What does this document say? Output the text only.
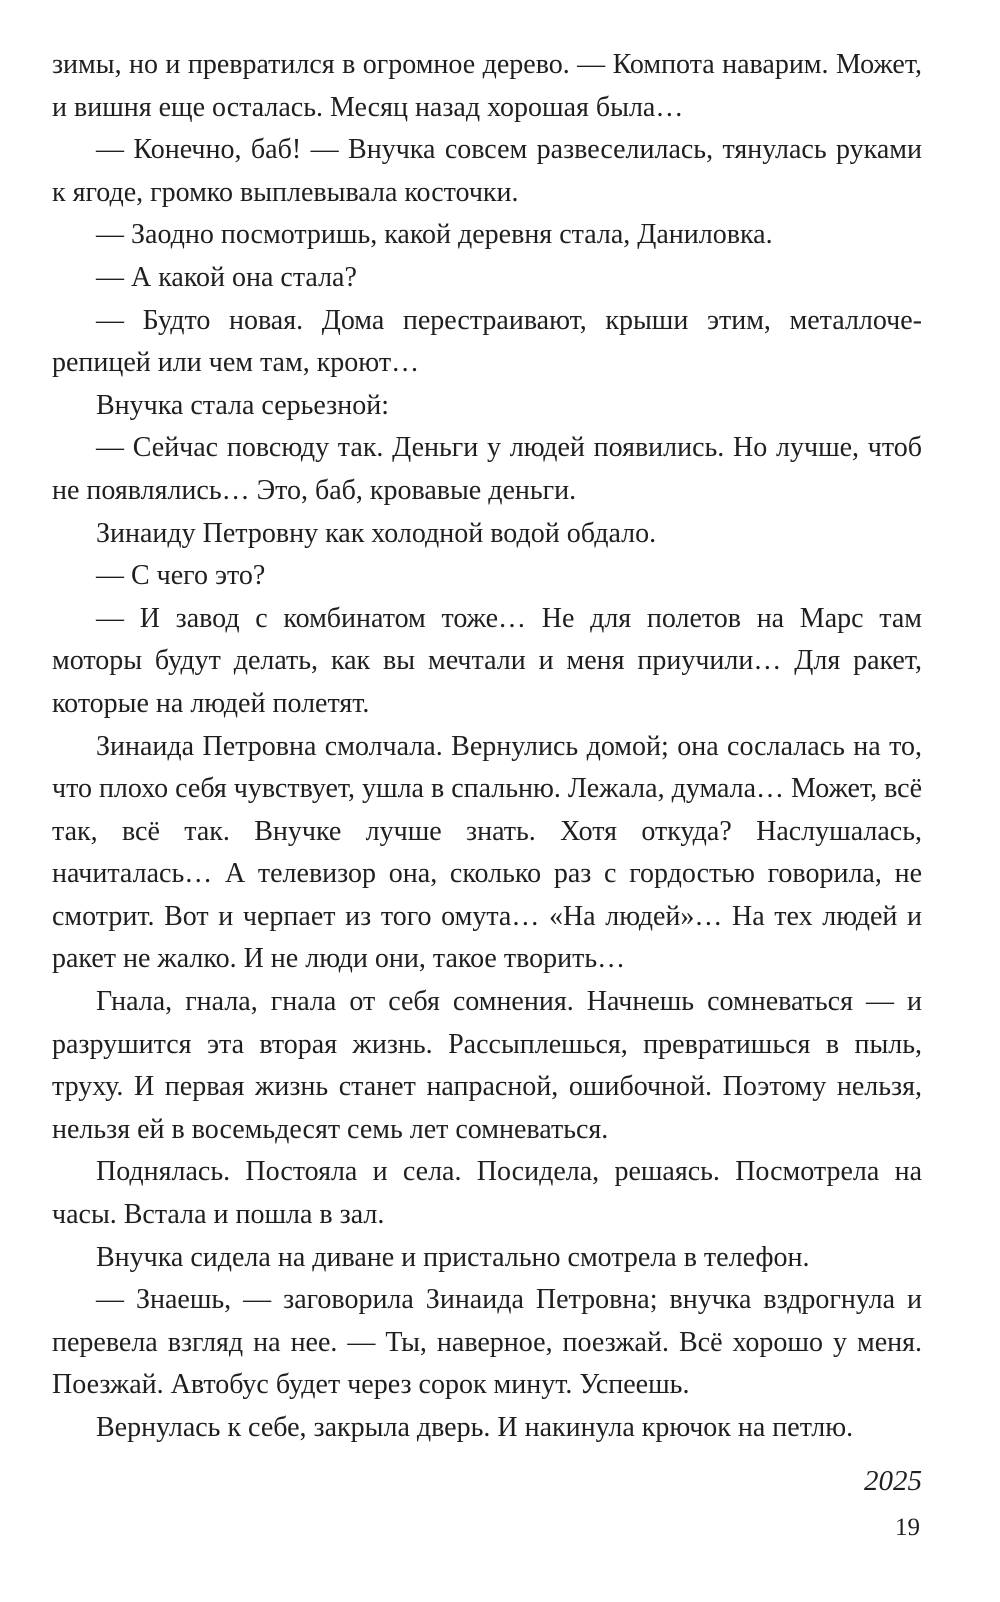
зимы, но и превратился в огромное дерево. — Компота наварим. Может, и вишня еще осталась. Месяц назад хорошая была…

— Конечно, баб! — Внучка совсем развеселилась, тянулась руками к ягоде, громко выплевывала косточки.

— Заодно посмотришь, какой деревня стала, Даниловка.

— А какой она стала?

— Будто новая. Дома перестраивают, крыши этим, металлочерепицей или чем там, кроют…

Внучка стала серьезной:

— Сейчас повсюду так. Деньги у людей появились. Но лучше, чтоб не появлялись… Это, баб, кровавые деньги.

Зинаиду Петровну как холодной водой обдало.

— С чего это?

— И завод с комбинатом тоже… Не для полетов на Марс там моторы будут делать, как вы мечтали и меня приучили… Для ракет, которые на людей полетят.

Зинаида Петровна смолчала. Вернулись домой; она сослалась на то, что плохо себя чувствует, ушла в спальню. Лежала, думала… Может, всё так, всё так. Внучке лучше знать. Хотя откуда? Наслушалась, начиталась… А телевизор она, сколько раз с гордостью говорила, не смотрит. Вот и черпает из того омута… «На людей»… На тех людей и ракет не жалко. И не люди они, такое творить…

Гнала, гнала, гнала от себя сомнения. Начнешь сомневаться — и разрушится эта вторая жизнь. Рассыплешься, превратишься в пыль, труху. И первая жизнь станет напрасной, ошибочной. Поэтому нельзя, нельзя ей в восемьдесят семь лет сомневаться.

Поднялась. Постояла и села. Посидела, решаясь. Посмотрела на часы. Встала и пошла в зал.

Внучка сидела на диване и пристально смотрела в телефон.

— Знаешь, — заговорила Зинаида Петровна; внучка вздрогнула и перевела взгляд на нее. — Ты, наверное, поезжай. Всё хорошо у меня. Поезжай. Автобус будет через сорок минут. Успеешь.

Вернулась к себе, закрыла дверь. И накинула крючок на петлю.

2025

19
